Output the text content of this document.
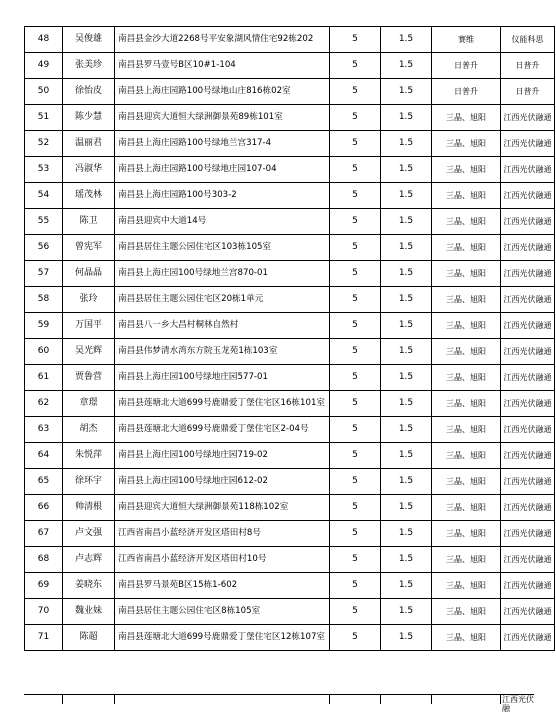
48	吴俊雄	南昌县金沙大道2268号平安象湖风情住宅92栋202	5	1.5	赛维	仪能科思
49	张美珍	南昌县罗马壹号B区10#1-104	5	1.5	日普升	日普升
50	徐怡皮	南昌县上海庄园路100号绿地山庄816栋02室	5	1.5	日普升	日普升
51	陈少慧	南昌县迎宾大道恒大绿洲御景苑89栋101室	5	1.5	三晶、旭阳	江西光伏融通
52	温丽君	南昌县上海庄园路100号绿地兰宫317-4	5	1.5	三晶、旭阳	江西光伏融通
53	冯淑华	南昌县上海庄园路100号绿地庄园107-04	5	1.5	三晶、旭阳	江西光伏融通
54	瑶茂林	南昌县上海庄园路100号303-2	5	1.5	三晶、旭阳	江西光伏融通
55	陈卫	南昌县迎宾中大道14号	5	1.5	三晶、旭阳	江西光伏融通
56	曾宪军	南昌县居住主题公园住宅区103栋105室	5	1.5	三晶、旭阳	江西光伏融通
57	何晶晶	南昌县上海庄园100号绿地兰宫870-01	5	1.5	三晶、旭阳	江西光伏融通
58	张玲	南昌县居住主题公园住宅区20栋1单元	5	1.5	三晶、旭阳	江西光伏融通
59	万国平	南昌县八一乡大昌村桐林自然村	5	1.5	三晶、旭阳	江西光伏融通
60	吴光辉	南昌县伟梦清水湾东方院玉龙苑1栋103室	5	1.5	三晶、旭阳	江西光伏融通
61	贾鲁营	南昌县上海庄园100号绿地庄园577-01	5	1.5	三晶、旭阳	江西光伏融通
62	章璟	南昌县莲塘北大道699号鹿鼎爱丁堡住宅区16栋101室	5	1.5	三晶、旭阳	江西光伏融通
63	胡杰	南昌县莲塘北大道699号鹿鼎爱丁堡住宅区2-04号	5	1.5	三晶、旭阳	江西光伏融通
64	朱悦萍	南昌县上海庄园100号绿地庄园719-02	5	1.5	三晶、旭阳	江西光伏融通
65	徐环宇	南昌县上海庄园100号绿地庄园612-02	5	1.5	三晶、旭阳	江西光伏融通
66	帅清根	南昌县迎宾大道恒大绿洲御景苑118栋102室	5	1.5	三晶、旭阳	江西光伏融通
67	卢文强	江西省南昌小蓝经济开发区塔田村8号	5	1.5	三晶、旭阳	江西光伏融通
68	卢志辉	江西省南昌小蓝经济开发区塔田村10号	5	1.5	三晶、旭阳	江西光伏融通
69	姜晓东	南昌县罗马景苑B区15栋1-602	5	1.5	三晶、旭阳	江西光伏融通
70	魏业妹	南昌县居住主题公园住宅区8栋105室	5	1.5	三晶、旭阳	江西光伏融通
71	陈超	南昌县莲塘北大道699号鹿鼎爱丁堡住宅区12栋107室	5	1.5	三晶、旭阳	江西光伏融通
江西光伏融
